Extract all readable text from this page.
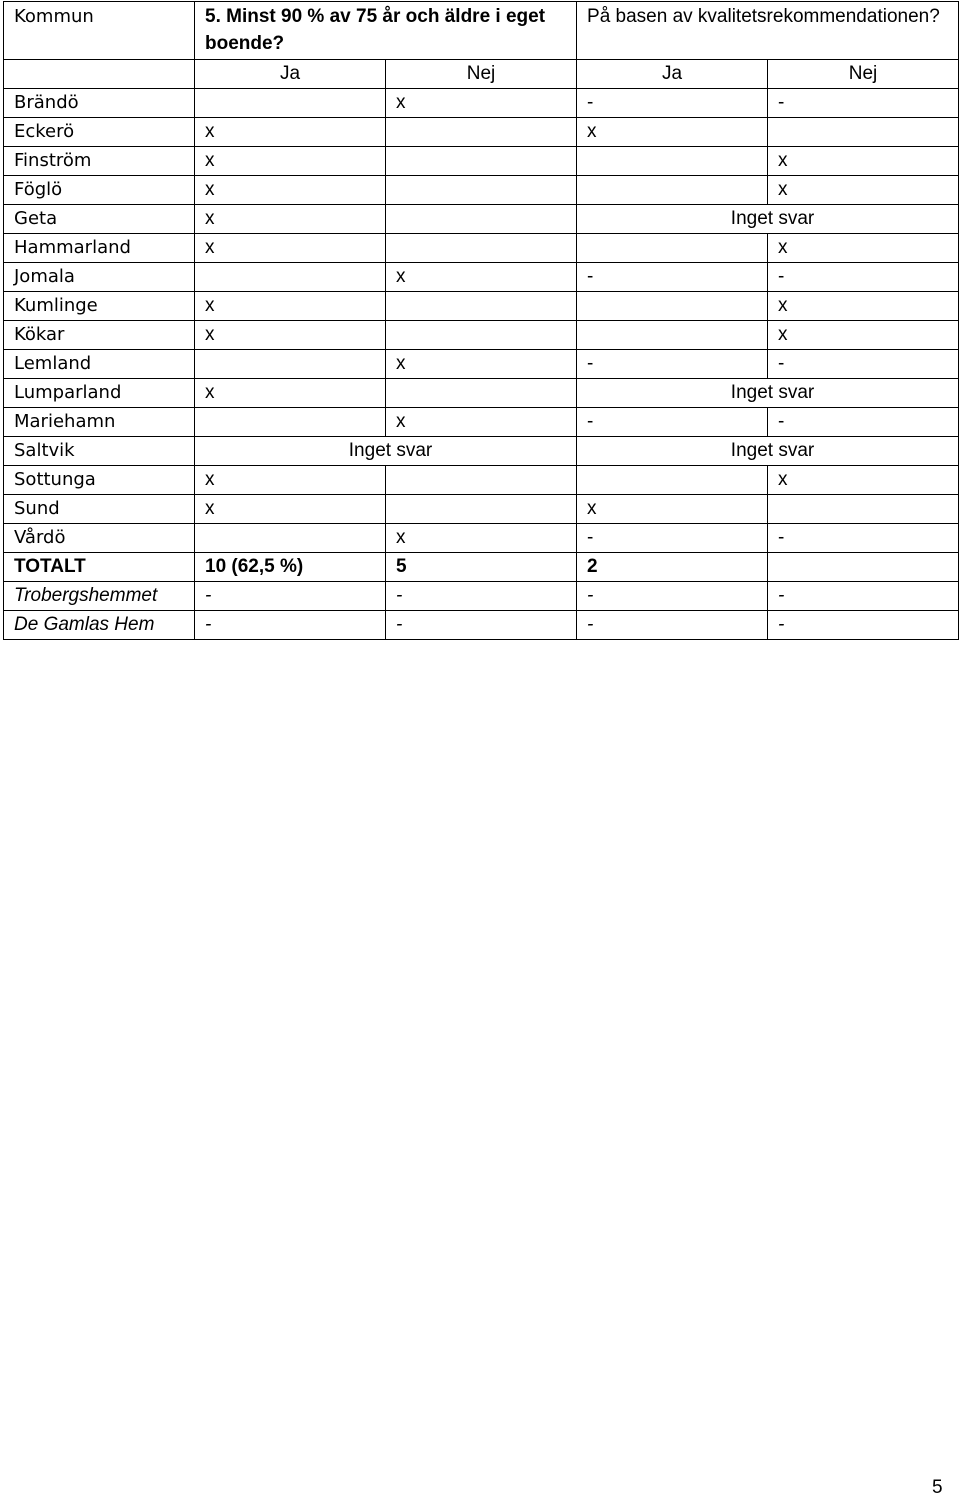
Kommun	5. Minst 90 % av 75 år och äldre i eget boende?		På basen av kvalitetsrekommendationen?	
	Ja	Nej	Ja	Nej
Brändö		x	-	-
Eckerö	x		x	
Finström	x			x
Föglö	x			x
Geta	x		Inget svar	
Hammarland	x			x
Jomala		x	-	-
Kumlinge	x			x
Kökar	x			x
Lemland		x	-	-
Lumparland	x		Inget svar	
Mariehamn		x	-	-
Saltvik	Inget svar		Inget svar	
Sottunga	x			x
Sund	x		x	
Vårdö		x	-	-
TOTALT	10 (62,5 %)	5	2	
Trobergshemmet	-	-	-	-
De Gamlas Hem	-	-	-	-
5
